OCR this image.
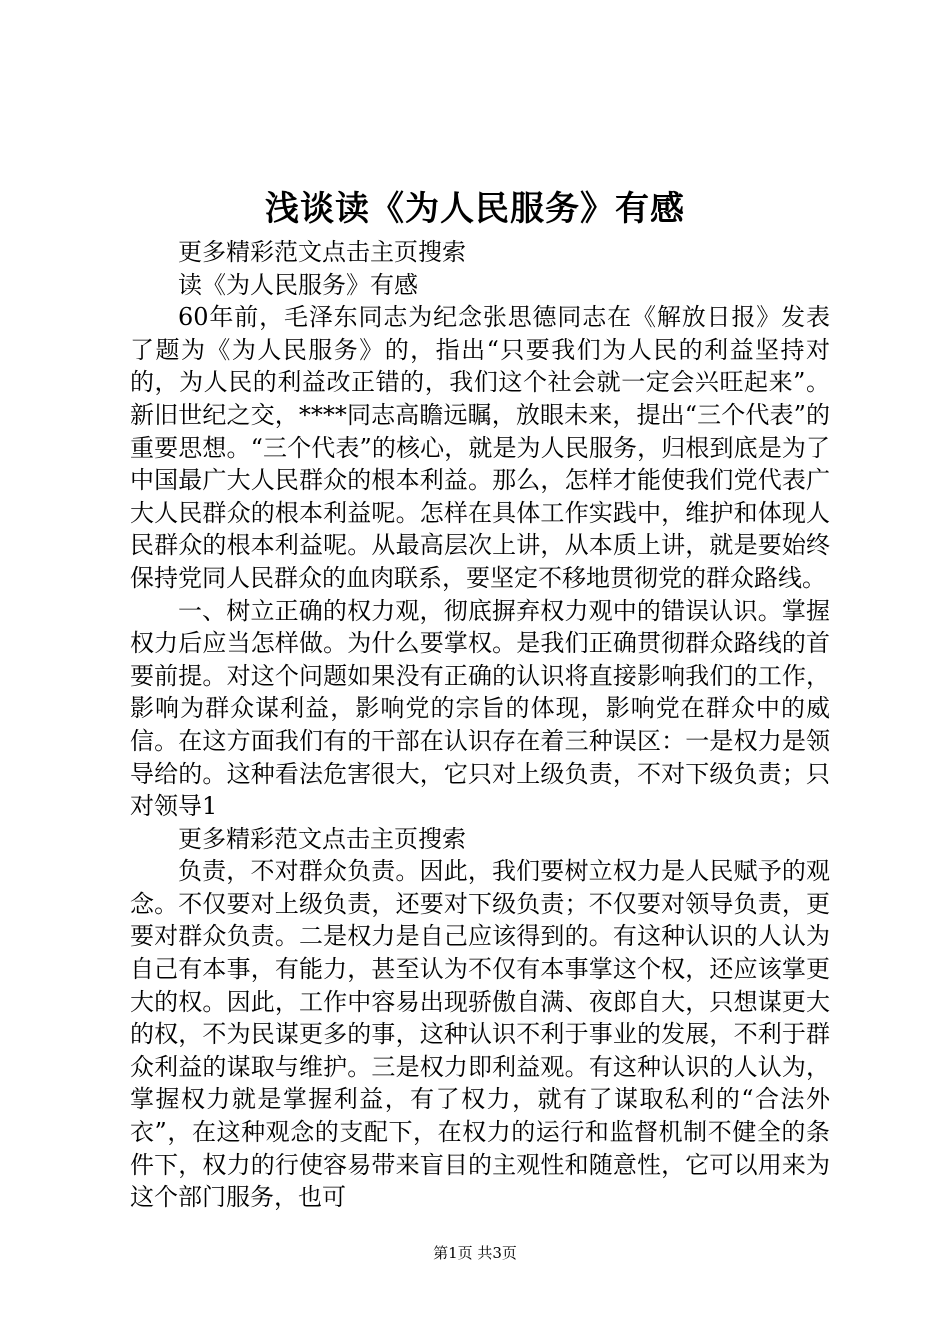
浅谈读《为人民服务》有感

更多精彩范文点击主页搜索

读《为人民服务》有感

60年前，毛泽东同志为纪念张思德同志在《解放日报》发表了题为《为人民服务》的，指出“只要我们为人民的利益坚持对的，为人民的利益改正错的，我们这个社会就一定会兴旺起来”。新旧世纪之交，****同志高瞻远瞩，放眼未来，提出“三个代表”的重要思想。“三个代表”的核心，就是为人民服务，归根到底是为了中国最广大人民群众的根本利益。那么，怎样才能使我们党代表广大人民群众的根本利益呢。怎样在具体工作实践中，维护和体现人民群众的根本利益呢。从最高层次上讲，从本质上讲，就是要始终保持党同人民群众的血肉联系，要坚定不移地贯彻党的群众路线。

一、树立正确的权力观，彻底摒弃权力观中的错误认识。掌握权力后应当怎样做。为什么要掌权。是我们正确贯彻群众路线的首要前提。对这个问题如果没有正确的认识将直接影响我们的工作，影响为群众谋利益，影响党的宗旨的体现，影响党在群众中的威信。在这方面我们有的干部在认识存在着三种误区：一是权力是领导给的。这种看法危害很大，它只对上级负责，不对下级负责；只对领导1

更多精彩范文点击主页搜索

负责，不对群众负责。因此，我们要树立权力是人民赋予的观念。不仅要对上级负责，还要对下级负责；不仅要对领导负责，更要对群众负责。二是权力是自己应该得到的。有这种认识的人认为自己有本事，有能力，甚至认为不仅有本事掌这个权，还应该掌更大的权。因此，工作中容易出现骄傲自满、夜郎自大，只想谋更大的权，不为民谋更多的事，这种认识不利于事业的发展，不利于群众利益的谋取与维护。三是权力即利益观。有这种认识的人认为，掌握权力就是掌握利益，有了权力，就有了谋取私利的“合法外衣”，在这种观念的支配下，在权力的运行和监督机制不健全的条件下，权力的行使容易带来盲目的主观性和随意性，它可以用来为这个部门服务，也可

第1页 共3页
